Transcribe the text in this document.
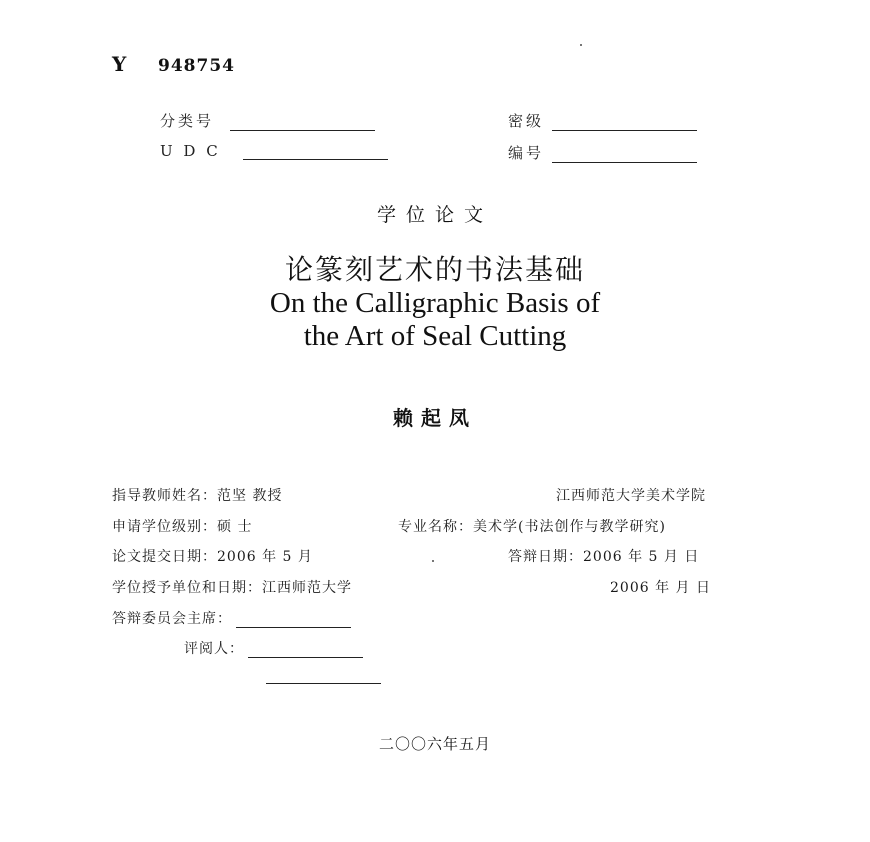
Y 948754
分类号
U D C
密级
编号
学位论文
论篆刻艺术的书法基础
On the Calligraphic Basis of
the Art of Seal Cutting
赖起凤
指导教师姓名：范坚 教授	江西师范大学美术学院
申请学位级别：硕 士	专业名称：美术学(书法创作与教学研究)
论文提交日期：2006 年 5 月	答辩日期：2006 年 5 月 日
学位授予单位和日期：江西师范大学	2006 年 月 日
答辩委员会主席：
评阅人：
二〇〇六年五月
